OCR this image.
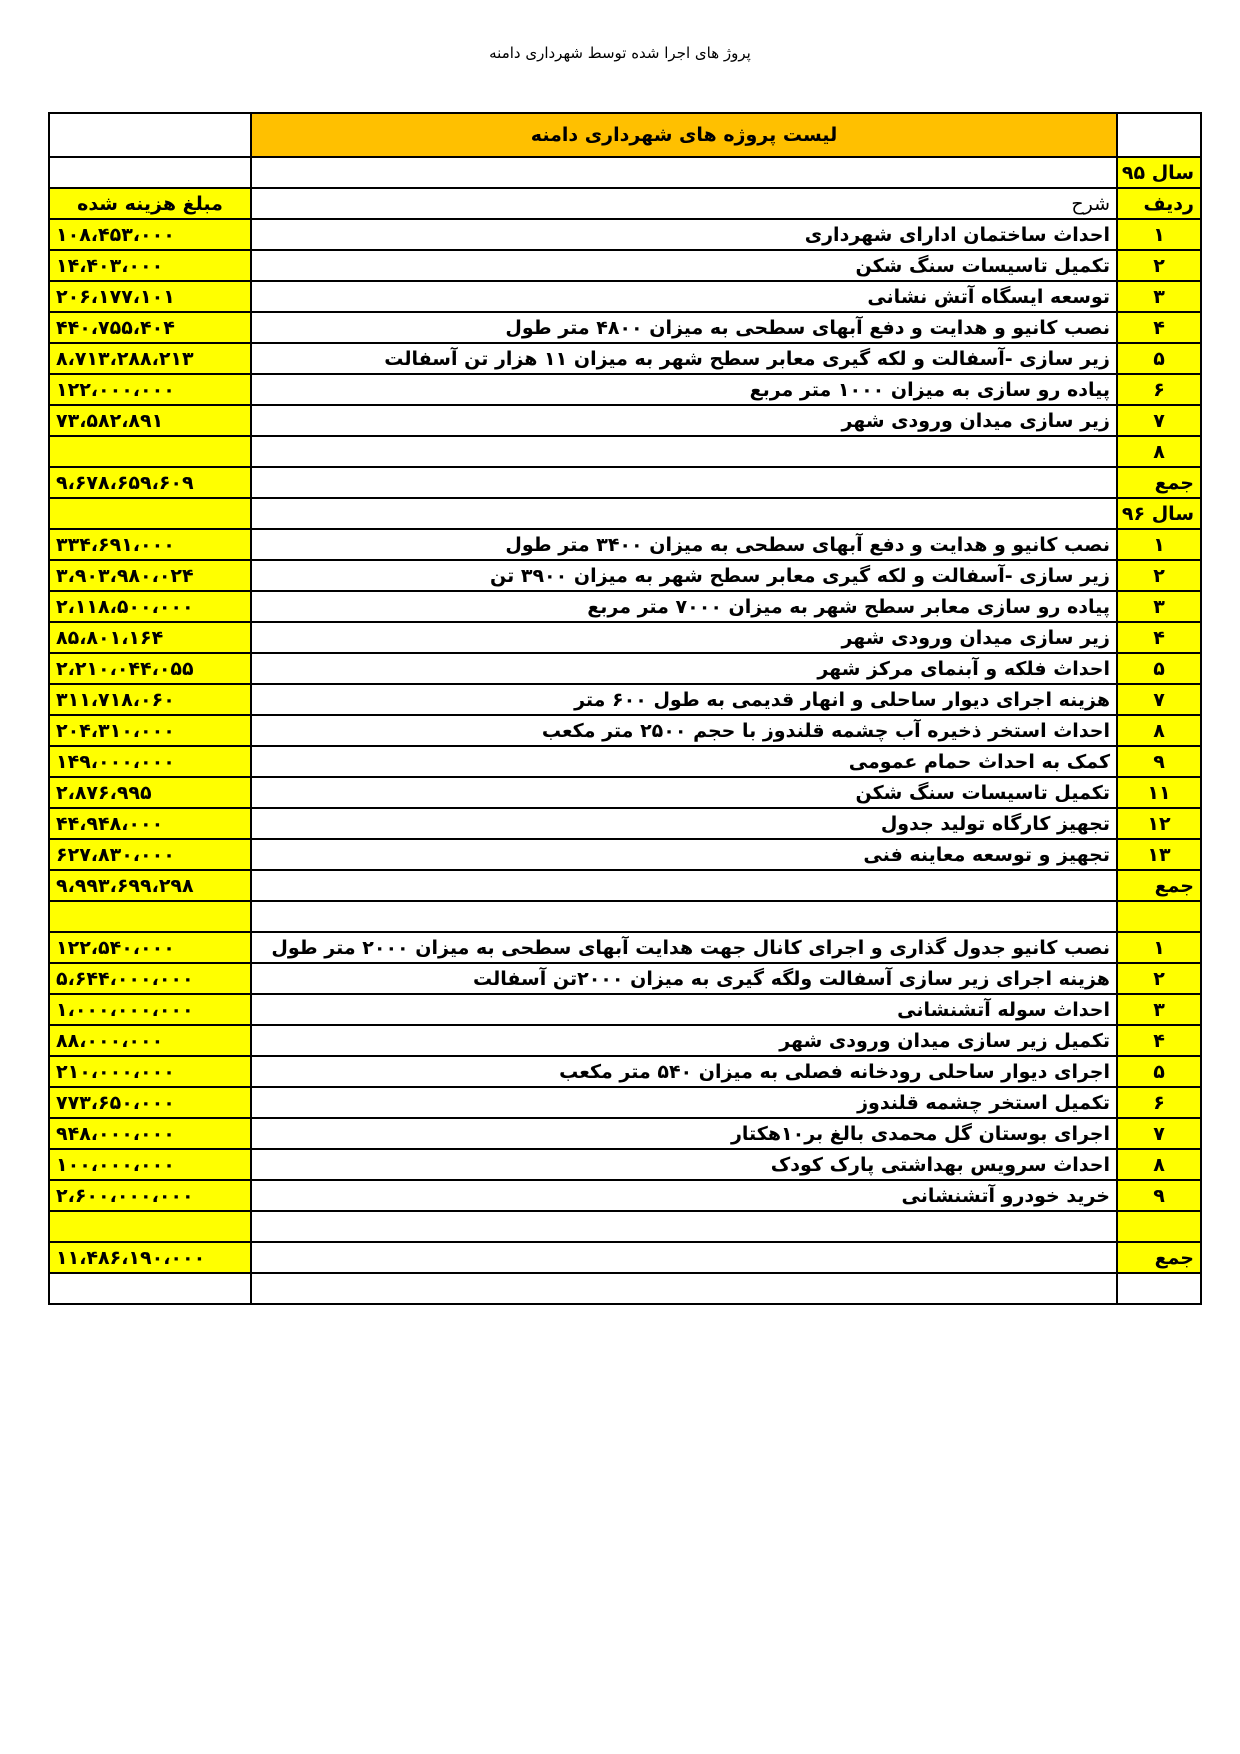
پروژ های اجرا شده توسط شهرداری دامنه
	لیست پروژه های شهرداری دامنه	
		سال ۹۵
مبلغ هزینه شده	شرح	ردیف
۱۰۸،۴۵۳،۰۰۰	احداث ساختمان ادارای شهرداری	۱
۱۴،۴۰۳،۰۰۰	تکمیل تاسیسات سنگ شکن	۲
۲۰۶،۱۷۷،۱۰۱	توسعه ایسگاه آتش نشانی	۳
۴۴۰،۷۵۵،۴۰۴	نصب کانیو و هدایت و دفع آبهای سطحی به میزان ۴۸۰۰ متر طول	۴
۸،۷۱۳،۲۸۸،۲۱۳	زیر سازی -آسفالت و لکه گیری معابر سطح شهر به میزان ۱۱ هزار تن آسفالت	۵
۱۲۲،۰۰۰،۰۰۰	پیاده رو سازی به میزان ۱۰۰۰ متر مربع	۶
۷۳،۵۸۲،۸۹۱	زیر سازی میدان ورودی شهر	۷
		۸
۹،۶۷۸،۶۵۹،۶۰۹		جمع
		سال ۹۶
۳۳۴،۶۹۱،۰۰۰	نصب کانیو و هدایت و دفع آبهای سطحی به میزان ۳۴۰۰ متر طول	۱
۳،۹۰۳،۹۸۰،۰۲۴	زیر سازی -آسفالت و لکه گیری معابر سطح شهر به میزان ۳۹۰۰ تن	۲
۲،۱۱۸،۵۰۰،۰۰۰	پیاده رو سازی معابر سطح شهر به میزان ۷۰۰۰ متر مربع	۳
۸۵،۸۰۱،۱۶۴	زیر سازی میدان ورودی شهر	۴
۲،۲۱۰،۰۴۴،۰۵۵	احداث فلکه و آبنمای مرکز شهر	۵
۳۱۱،۷۱۸،۰۶۰	هزینه اجرای دیوار ساحلی و انهار قدیمی به طول ۶۰۰ متر	۷
۲۰۴،۳۱۰،۰۰۰	احداث استخر ذخیره آب چشمه قلندوز با حجم ۲۵۰۰ متر مکعب	۸
۱۴۹،۰۰۰،۰۰۰	کمک به احداث حمام عمومی	۹
۲،۸۷۶،۹۹۵	تکمیل تاسیسات سنگ شکن	۱۱
۴۴،۹۴۸،۰۰۰	تجهیز کارگاه تولید جدول	۱۲
۶۲۷،۸۳۰،۰۰۰	تجهیز و توسعه معاینه فنی	۱۳
۹،۹۹۳،۶۹۹،۲۹۸		جمع

۱۲۲،۵۴۰،۰۰۰	نصب کانیو جدول گذاری و اجرای کانال جهت هدایت آبهای سطحی به میزان ۲۰۰۰ متر طول	۱
۵،۶۴۴،۰۰۰،۰۰۰	هزینه اجرای زیر سازی آسفالت ولگه گیری به میزان ۲۰۰۰تن آسفالت	۲
۱،۰۰۰،۰۰۰،۰۰۰	احداث سوله آتشنشانی	۳
۸۸،۰۰۰،۰۰۰	تکمیل زیر سازی میدان ورودی شهر	۴
۲۱۰،۰۰۰،۰۰۰	اجرای دیوار ساحلی رودخانه فصلی به میزان ۵۴۰ متر مکعب	۵
۷۷۳،۶۵۰،۰۰۰	تکمیل استخر چشمه قلندوز	۶
۹۴۸،۰۰۰،۰۰۰	اجرای بوستان گل محمدی بالغ بر۱۰هکتار	۷
۱۰۰،۰۰۰،۰۰۰	احداث سرویس بهداشتی پارک کودک	۸
۲،۶۰۰،۰۰۰،۰۰۰	خرید خودرو آتشنشانی	۹

۱۱،۴۸۶،۱۹۰،۰۰۰		جمع
